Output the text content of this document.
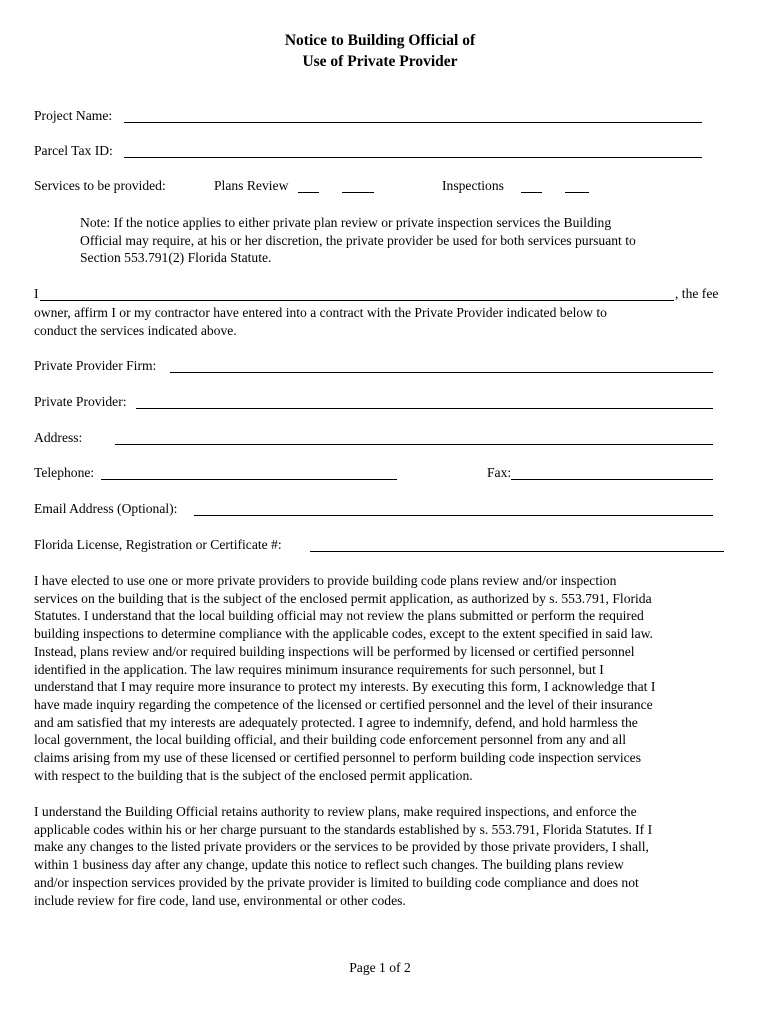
Notice to Building Official of
Use of Private Provider
Project Name:
Parcel Tax ID:
Services to be provided:	Plans Review	Inspections
Note: If the notice applies to either private plan review or private inspection services the Building
Official may require, at his or her discretion, the private provider be used for both services pursuant to
Section 553.791(2) Florida Statute.
I	, the fee
owner, affirm I or my contractor have entered into a contract with the Private Provider indicated below to
conduct the services indicated above.
Private Provider Firm:
Private Provider:
Address:
Telephone:	Fax:
Email Address (Optional):
Florida License, Registration or Certificate #:
I have elected to use one or more private providers to provide building code plans review and/or inspection
services on the building that is the subject of the enclosed permit application, as authorized by s. 553.791, Florida
Statutes. I understand that the local building official may not review the plans submitted or perform the required
building inspections to determine compliance with the applicable codes, except to the extent specified in said law.
Instead, plans review and/or required building inspections will be performed by licensed or certified personnel
identified in the application. The law requires minimum insurance requirements for such personnel, but I
understand that I may require more insurance to protect my interests. By executing this form, I acknowledge that I
have made inquiry regarding the competence of the licensed or certified personnel and the level of their insurance
and am satisfied that my interests are adequately protected. I agree to indemnify, defend, and hold harmless the
local government, the local building official, and their building code enforcement personnel from any and all
claims arising from my use of these licensed or certified personnel to perform building code inspection services
with respect to the building that is the subject of the enclosed permit application.
I understand the Building Official retains authority to review plans, make required inspections, and enforce the
applicable codes within his or her charge pursuant to the standards established by s. 553.791, Florida Statutes. If I
make any changes to the listed private providers or the services to be provided by those private providers, I shall,
within 1 business day after any change, update this notice to reflect such changes. The building plans review
and/or inspection services provided by the private provider is limited to building code compliance and does not
include review for fire code, land use, environmental or other codes.
Page 1 of 2
